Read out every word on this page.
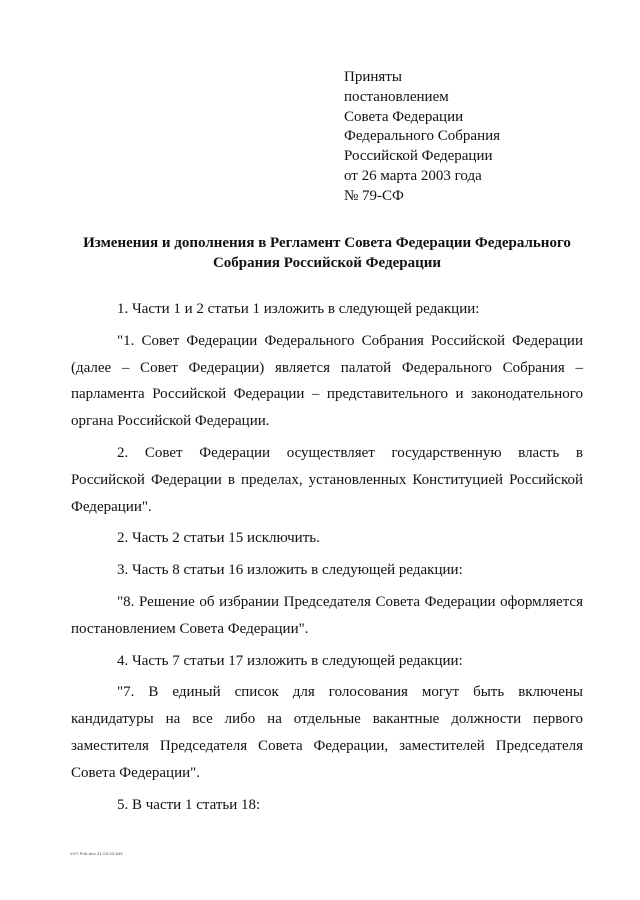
Приняты
постановлением
Совета Федерации
Федерального Собрания
Российской Федерации
от 26 марта 2003 года
№ 79-СФ
Изменения и дополнения в Регламент Совета Федерации Федерального
Собрания Российской Федерации

1. Части 1 и 2 статьи 1 изложить в следующей редакции:

"1. Совет Федерации Федерального Собрания Российской Федерации (далее – Совет Федерации) является палатой Федерального Собрания – парламента Российской Федерации – представительного и законодательного органа Российской Федерации.

2. Совет Федерации осуществляет государственную власть в Российской Федерации в пределах, установленных Конституцией Российской Федерации".

2. Часть 2 статьи 15 исключить.

3. Часть 8 статьи 16 изложить в следующей редакции:

"8. Решение об избрании Председателя Совета Федерации оформляется постановлением Совета Федерации".

4. Часть 7 статьи 17 изложить в следующей редакции:

"7. В единый список для голосования могут быть включены кандидатуры на все либо на отдельные вакантные должности первого заместителя Председателя Совета Федерации, заместителей Председателя Совета Федерации".

5. В части 1 статьи 18:

VVT-Pnb.doc 31.03.03 845
